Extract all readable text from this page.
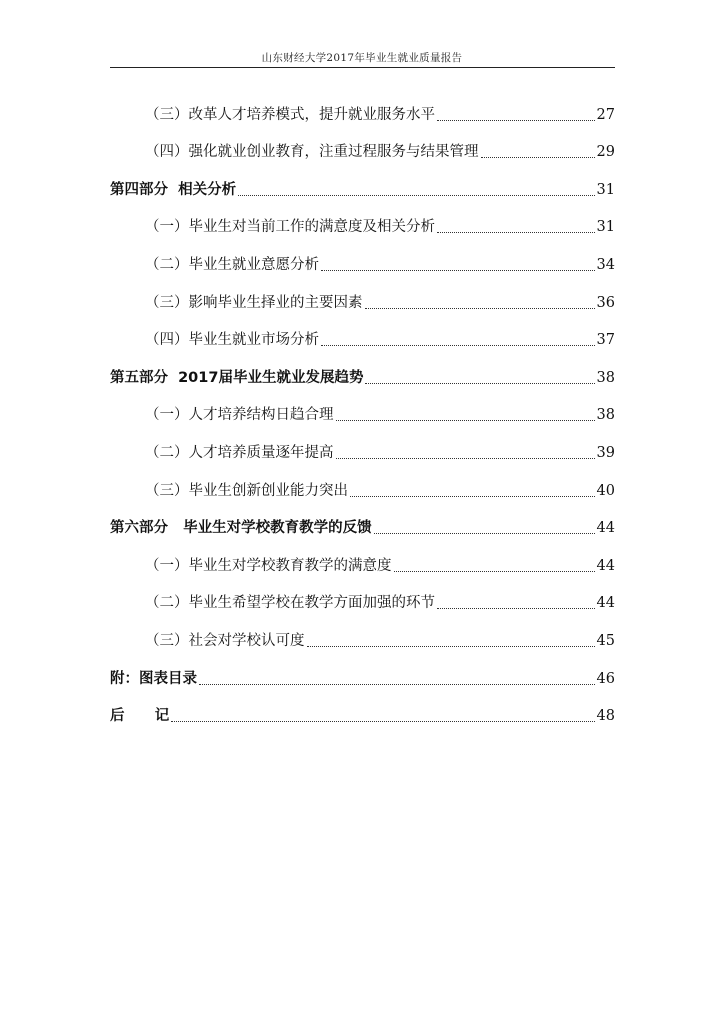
山东财经大学2017年毕业生就业质量报告
（三）改革人才培养模式，提升就业服务水平	27
（四）强化就业创业教育，注重过程服务与结果管理	29
第四部分  相关分析	31
（一）毕业生对当前工作的满意度及相关分析	31
（二）毕业生就业意愿分析	34
（三）影响毕业生择业的主要因素	36
（四）毕业生就业市场分析	37
第五部分  2017届毕业生就业发展趋势	38
（一）人才培养结构日趋合理	38
（二）人才培养质量逐年提高	39
（三）毕业生创新创业能力突出	40
第六部分   毕业生对学校教育教学的反馈	44
（一）毕业生对学校教育教学的满意度	44
（二）毕业生希望学校在教学方面加强的环节	44
（三）社会对学校认可度	45
附：图表目录	46
后      记	48
